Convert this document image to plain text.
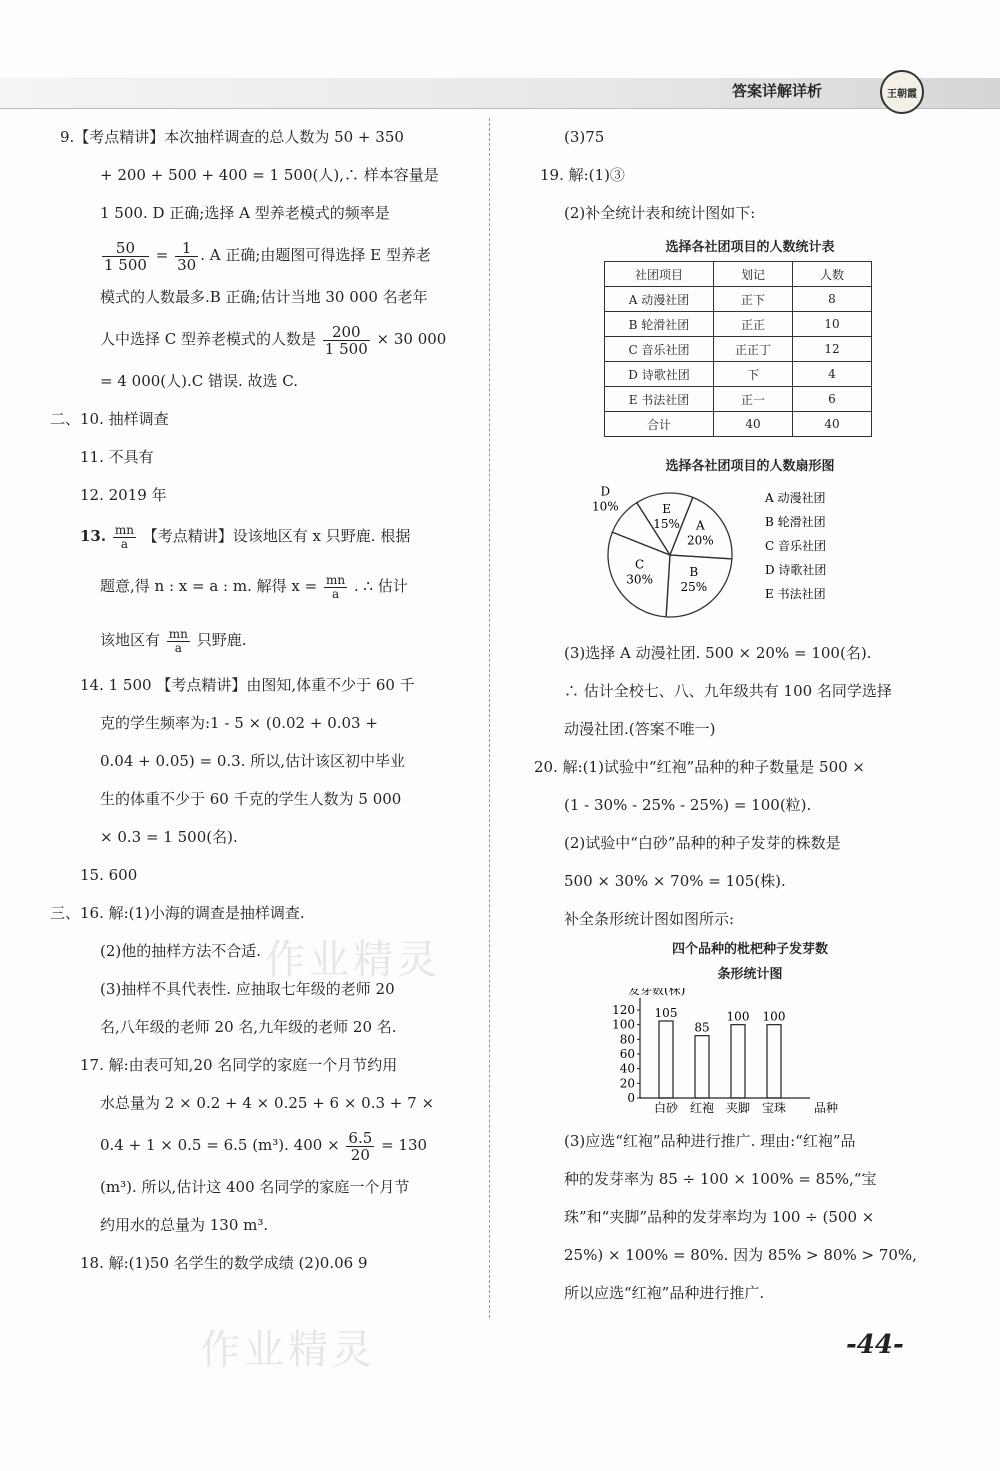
答案详解详析	王朝霞
作业精灵
作业精灵
9.【考点精讲】本次抽样调查的总人数为 50 + 350
+ 200 + 500 + 400 = 1 500(人),∴ 样本容量是
1 500. D 正确;选择 A 型养老模式的频率是
$\frac{50}{1 500} = \frac{1}{30}$ . A 正确;由题图可得选择 E 型养老
模式的人数最多.B 正确;估计当地 30 000 名老年
人中选择 C 型养老模式的人数是 $\frac{200}{1 500} \times 30$ 000
= 4 000(人).C 错误. 故选 C.
二、10. 抽样调查
11. 不具有
12. 2019 年
13. $\frac{mn}{a}$ 【考点精讲】设该地区有 x 只野鹿. 根据
题意,得 n : x = a : m. 解得 $x = \frac{mn}{a}$ . ∴ 估计
该地区有 $\frac{mn}{a}$ 只野鹿.
14. 1 500 【考点精讲】由图知,体重不少于 60 千
克的学生频率为:1 - 5 × (0.02 + 0.03 +
0.04 + 0.05) = 0.3. 所以,估计该区初中毕业
生的体重不少于 60 千克的学生人数为 5 000
× 0.3 = 1 500(名).
15. 600
三、16. 解:(1)小海的调查是抽样调查.
(2)他的抽样方法不合适.
(3)抽样不具代表性. 应抽取七年级的老师 20
名,八年级的老师 20 名,九年级的老师 20 名.
17. 解:由表可知,20 名同学的家庭一个月节约用
水总量为 2 × 0.2 + 4 × 0.25 + 6 × 0.3 + 7 ×
0.4 + 1 × 0.5 = 6.5 (m³). $400 \times \frac{6.5}{20} = 130$
(m³). 所以,估计这 400 名同学的家庭一个月节
约用水的总量为 130 m³.
18. 解:(1)50 名学生的数学成绩 (2)0.06 9
(3)75
19. 解:(1)③
(2)补全统计表和统计图如下:
选择各社团项目的人数统计表
社团项目	划记	人数
A 动漫社团	正下	8
B 轮滑社团	正正	10
C 音乐社团	正正丁	12
D 诗歌社团	下	4
E 书法社团	正一	6
合计	40	40
选择各社团项目的人数扇形图
E
15% A
20%
B
25%
C
30%
D
10%
A 动漫社团
B 轮滑社团
C 音乐社团
D 诗歌社团
E 书法社团
(3)选择 A 动漫社团. 500 × 20% = 100(名).
∴ 估计全校七、八、九年级共有 100 名同学选择
动漫社团.(答案不唯一)
20. 解:(1)试验中“红袍”品种的种子数量是 500 ×
(1 - 30% - 25% - 25%) = 100(粒).
(2)试验中“白砂”品种的种子发芽的株数是
500 × 30% × 70% = 105(株).
补全条形统计图如图所示:
四个品种的枇杷种子发芽数
条形统计图
发芽数(株)
0
20
40
60
80
100
120 105
白砂
85
红袍
100
夹脚
100
宝珠 品种
(3)应选“红袍”品种进行推广. 理由:“红袍”品
种的发芽率为 85 ÷ 100 × 100% = 85%,“宝
珠”和“夹脚”品种的发芽率均为 100 ÷ (500 ×
25%) × 100% = 80%. 因为 85% > 80% > 70%,
所以应选“红袍”品种进行推广.
-44-
